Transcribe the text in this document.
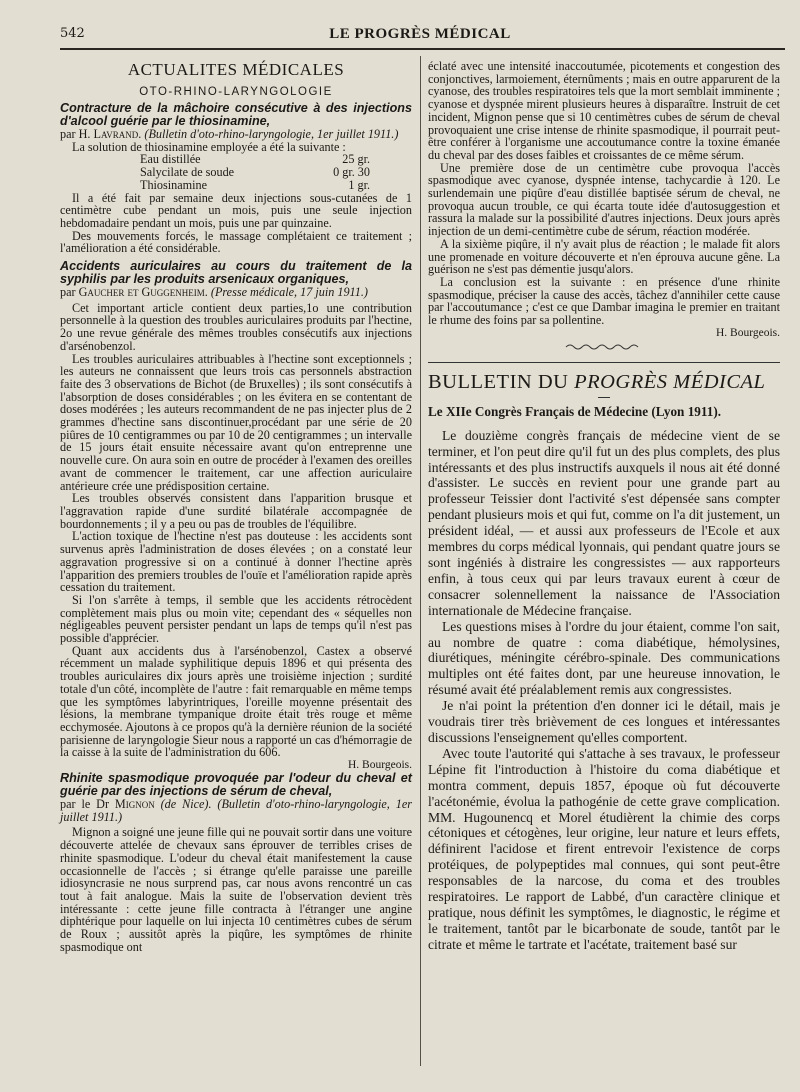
542	LE PROGRÈS MÉDICAL
ACTUALITES MÉDICALES
OTO-RHINO-LARYNGOLOGIE

Contracture de la mâchoire consécutive à des injections d'alcool guérie par le thiosinamine,

par H. Lavrand. (Bulletin d'oto-rhino-laryngologie, 1er juillet 1911.)

La solution de thiosinamine employée a été la suivante :

Eau distillée	25 gr.
Salycilate de soude	0 gr. 30
Thiosinamine	1 gr.

Il a été fait par semaine deux injections sous-cutanées de 1 centimètre cube pendant un mois, puis une seule injection hebdomadaire pendant un mois, puis une par quinzaine.

Des mouvements forcés, le massage complétaient ce traitement ; l'amélioration a été considérable.

Accidents auriculaires au cours du traitement de la syphilis par les produits arsenicaux organiques,

par Gaucher et Guggenheim. (Presse médicale, 17 juin 1911.)

Cet important article contient deux parties,1o une contribution personnelle à la question des troubles auriculaires produits par l'hectine, 2o une revue générale des mêmes troubles consécutifs aux injections d'arsénobenzol.

Les troubles auriculaires attribuables à l'hectine sont exceptionnels ; les auteurs ne connaissent que leurs trois cas personnels abstraction faite des 3 observations de Bichot (de Bruxelles) ; ils sont consécutifs à l'absorption de doses considérables ; on les évitera en se contentant de doses modérées ; les auteurs recommandent de ne pas injecter plus de 2 grammes d'hectine sans discontinuer,procédant par une série de 20 piûres de 10 centigrammes ou par 10 de 20 centigrammes ; un intervalle de 15 jours était ensuite nécessaire avant qu'on entreprenne une nouvelle cure. On aura soin en outre de procéder à l'examen des oreilles avant de commencer le traitement, car une affection auriculaire antérieure crée une prédisposition certaine.

Les troubles observés consistent dans l'apparition brusque et l'aggravation rapide d'une surdité bilatérale accompagnée de bourdonnements ; il y a peu ou pas de troubles de l'équilibre.

L'action toxique de l'hectine n'est pas douteuse : les accidents sont survenus après l'administration de doses élevées ; on a constaté leur aggravation progressive si on a continué à donner l'hectine après l'apparition des premiers troubles de l'ouïe et l'amélioration rapide après cessation du traitement.

Si l'on s'arrête à temps, il semble que les accidents rétrocèdent complètement mais plus ou moin vite; cependant des « séquelles non négligeables peuvent persister pendant un laps de temps qu'il n'est pas possible d'apprécier.

Quant aux accidents dus à l'arsénobenzol, Castex a observé récemment un malade syphilitique depuis 1896 et qui présenta des troubles auriculaires dix jours après une troisième injection ; surdité totale d'un côté, incomplète de l'autre : fait remarquable en même temps que les symptômes labyrintriques, l'oreille moyenne présentait des lésions, la membrane tympanique droite était très rouge et même ecchymosée. Ajoutons à ce propos qu'à la dernière réunion de la société parisienne de laryngologie Sieur nous a rapporté un cas d'hémorragie de la caisse à la suite de l'administration du 606.

H. Bourgeois.

Rhinite spasmodique provoquée par l'odeur du cheval et guérie par des injections de sérum de cheval,

par le Dr Mignon (de Nice). (Bulletin d'oto-rhino-laryngologie, 1er juillet 1911.)

Mignon a soigné une jeune fille qui ne pouvait sortir dans une voiture découverte attelée de chevaux sans éprouver de terribles crises de rhinite spasmodique. L'odeur du cheval était manifestement la cause occasionnelle de l'accès ; si étrange qu'elle paraisse une pareille idiosyncrasie ne nous surprend pas, car nous avons rencontré un cas tout à fait analogue. Mais la suite de l'observation devient très intéressante : cette jeune fille contracta à l'étranger une angine diphtérique pour laquelle on lui injecta 10 centimètres cubes de sérum de Roux ; aussitôt après la piqûre, les symptômes de rhinite spasmodique ont

éclaté avec une intensité inaccoutumée, picotements et congestion des conjonctives, larmoiement, éternûments ; mais en outre apparurent de la cyanose, des troubles respiratoires tels que la mort semblait imminente ; cyanose et dyspnée mirent plusieurs heures à disparaître. Instruit de cet incident, Mignon pense que si 10 centimètres cubes de sérum de cheval provoquaient une crise intense de rhinite spasmodique, il pourrait peut-être conférer à l'organisme une accoutumance contre la toxine émanée du cheval par des doses faibles et croissantes de ce même sérum.

Une première dose de un centimètre cube provoqua l'accès spasmodique avec cyanose, dyspnée intense, tachycardie à 120. Le surlendemain une piqûre d'eau distillée baptisée sérum de cheval, ne provoqua aucun trouble, ce qui écarta toute idée d'autosuggestion et rassura la malade sur la possibilité d'autres injections. Deux jours après injection de un demi-centimètre cube de sérum, réaction modérée.

A la sixième piqûre, il n'y avait plus de réaction ; le malade fit alors une promenade en voiture découverte et n'en éprouva aucune gêne. La guérison ne s'est pas démentie jusqu'alors.

La conclusion est la suivante : en présence d'une rhinite spasmodique, préciser la cause des accès, tâchez d'annihiler cette cause par l'accoutumance ; c'est ce que Dambar imagina le premier en traitant le rhume des foins par sa pollentine.

H. Bourgeois.

BULLETIN DU PROGRÈS MÉDICAL
Le XIIe Congrès Français de Médecine (Lyon 1911).

Le douzième congrès français de médecine vient de se terminer, et l'on peut dire qu'il fut un des plus complets, des plus intéressants et des plus instructifs auxquels il nous ait été donné d'assister. Le succès en revient pour une grande part au professeur Teissier dont l'activité s'est dépensée sans compter pendant plusieurs mois et qui fut, comme on l'a dit justement, un président idéal, — et aussi aux professeurs de l'Ecole et aux membres du corps médical lyonnais, qui pendant quatre jours se sont ingéniés à distraire les congressistes — aux rapporteurs enfin, à tous ceux qui par leurs travaux eurent à cœur de consacrer solennellement la naissance de l'Association internationale de Médecine française.

Les questions mises à l'ordre du jour étaient, comme l'on sait, au nombre de quatre : coma diabétique, hémolysines, diurétiques, méningite cérébro-spinale. Des communications multiples ont été faites dont, par une heureuse innovation, le résumé avait été préalablement remis aux congressistes.

Je n'ai point la prétention d'en donner ici le détail, mais je voudrais tirer très brièvement de ces longues et intéressantes discussions l'enseignement qu'elles comportent.

Avec toute l'autorité qui s'attache à ses travaux, le professeur Lépine fit l'introduction à l'histoire du coma diabétique et montra comment, depuis 1857, époque où fut découverte l'acétonémie, évolua la pathogénie de cette grave complication. MM. Hugounencq et Morel étudièrent la chimie des corps cétoniques et cétogènes, leur origine, leur nature et leurs effets, définirent l'acidose et firent entrevoir l'existence de corps protéiques, de polypeptides mal connues, qui sont peut-être responsables de la narcose, du coma et des troubles respiratoires. Le rapport de Labbé, d'un caractère clinique et pratique, nous définit les symptômes, le diagnostic, le régime et le traitement, tantôt par le bicarbonate de soude, tantôt par le citrate et même le tartrate et l'acétate, traitement basé sur
